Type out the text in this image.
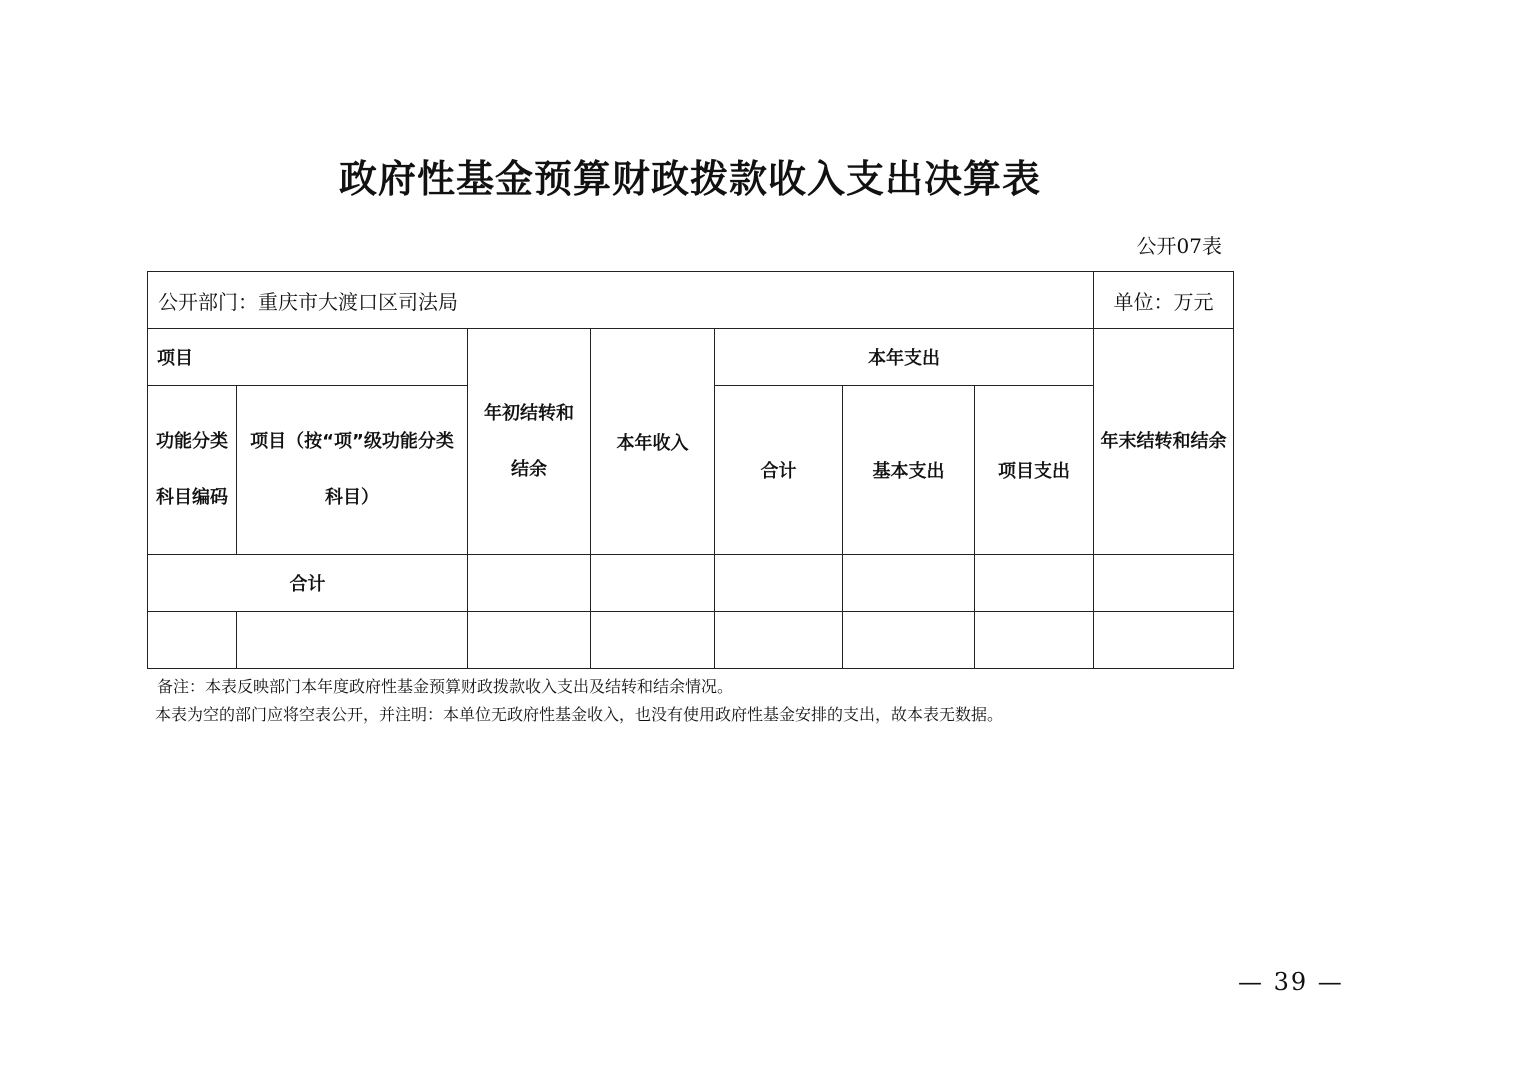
政府性基金预算财政拨款收入支出决算表
公开07表
公开部门：重庆市大渡口区司法局							单位：万元
项目		年初结转和结余	本年收入	本年支出			年末结转和结余
功能分类科目编码	项目（按“项”级功能分类科目）			合计	基本支出	项目支出	
合计							

备注：本表反映部门本年度政府性基金预算财政拨款收入支出及结转和结余情况。
本表为空的部门应将空表公开，并注明：本单位无政府性基金收入，也没有使用政府性基金安排的支出，故本表无数据。
— 39 —
